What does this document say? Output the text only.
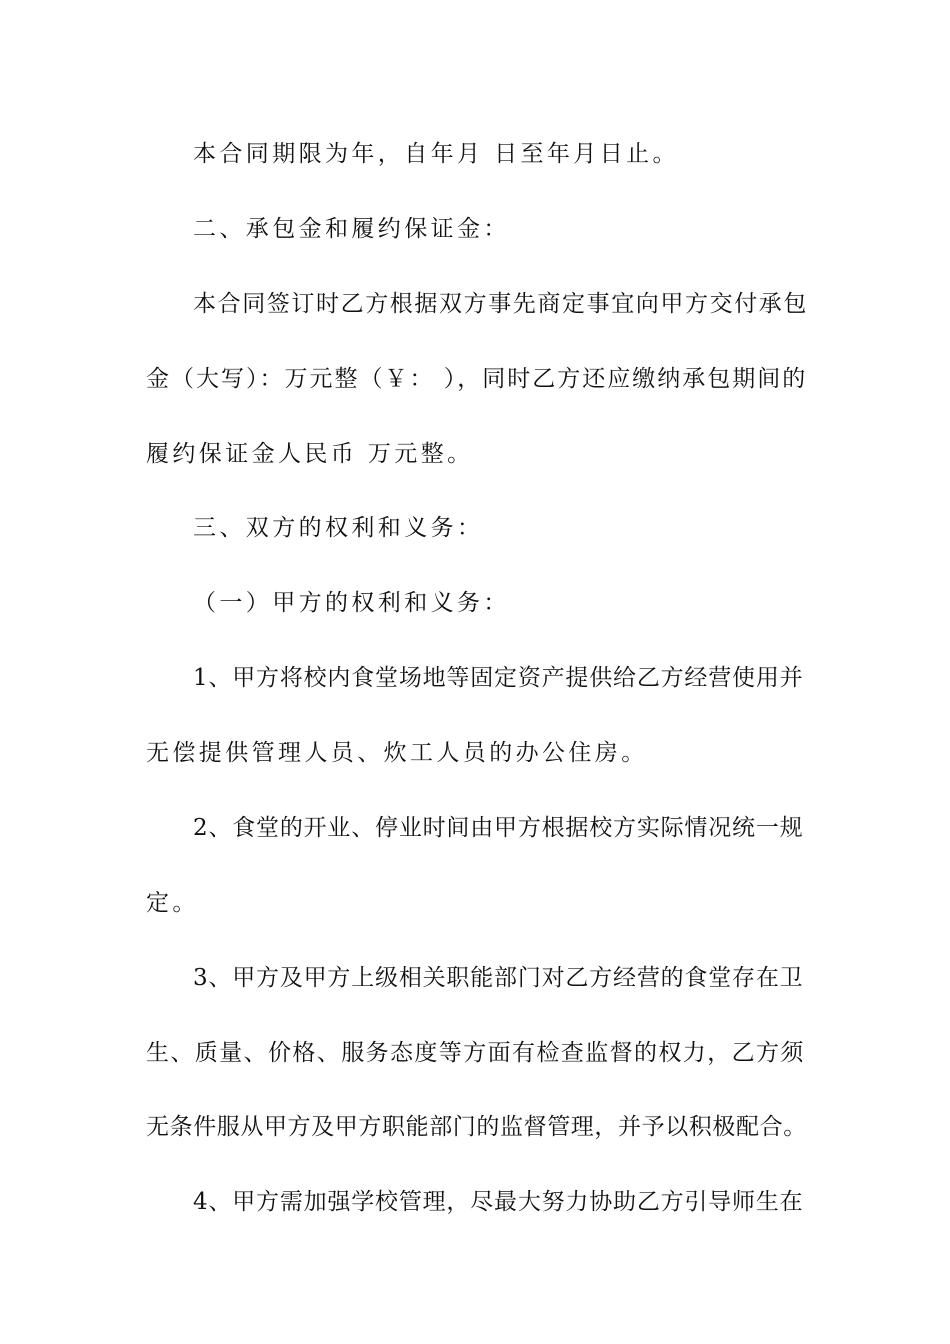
本合同期限为年，自年月 日至年月日止。
二、承包金和履约保证金：
本合同签订时乙方根据双方事先商定事宜向甲方交付承包
金（大写）：万元整（￥： ），同时乙方还应缴纳承包期间的
履约保证金人民币 万元整。
三、双方的权利和义务：
（一）甲方的权利和义务：
1、甲方将校内食堂场地等固定资产提供给乙方经营使用并
无偿提供管理人员、炊工人员的办公住房。
2、食堂的开业、停业时间由甲方根据校方实际情况统一规
定。
3、甲方及甲方上级相关职能部门对乙方经营的食堂存在卫
生、质量、价格、服务态度等方面有检查监督的权力，乙方须
无条件服从甲方及甲方职能部门的监督管理，并予以积极配合。
4、甲方需加强学校管理，尽最大努力协助乙方引导师生在
